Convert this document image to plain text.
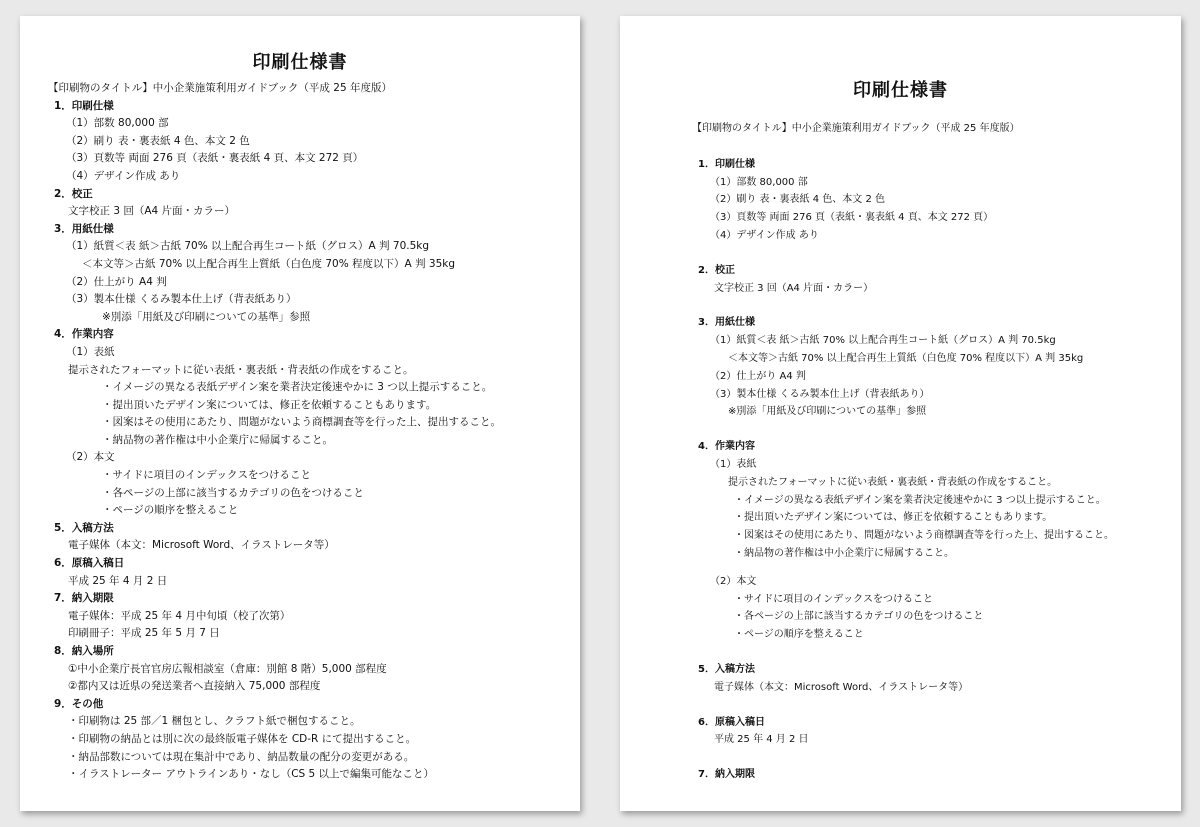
印刷仕様書
【印刷物のタイトル】中小企業施策利用ガイドブック（平成 25 年度版）
1．印刷仕様
（1）部数 80,000 部
（2）刷り 表・裏表紙 4 色、本文 2 色
（3）頁数等 両面 276 頁（表紙・裏表紙 4 頁、本文 272 頁）
（4）デザイン作成 あり
2．校正
文字校正 3 回（A4 片面・カラー）
3．用紙仕様
（1）紙質＜表 紙＞古紙 70% 以上配合再生コート紙（グロス）A 判 70.5kg
＜本文等＞古紙 70% 以上配合再生上質紙（白色度 70% 程度以下）A 判 35kg
（2）仕上がり A4 判
（3）製本仕様 くるみ製本仕上げ（背表紙あり）
※別添「用紙及び印刷についての基準」参照
4．作業内容
（1）表紙
提示されたフォーマットに従い表紙・裏表紙・背表紙の作成をすること。
・イメージの異なる表紙デザイン案を業者決定後速やかに 3 つ以上提示すること。
・提出頂いたデザイン案については、修正を依頼することもあります。
・図案はその使用にあたり、問題がないよう商標調査等を行った上、提出すること。
・納品物の著作権は中小企業庁に帰属すること。
（2）本文
・サイドに項目のインデックスをつけること
・各ページの上部に該当するカテゴリの色をつけること
・ページの順序を整えること
5．入稿方法
電子媒体（本文：Microsoft Word、イラストレータ等）
6．原稿入稿日
平成 25 年 4 月 2 日
7．納入期限
電子媒体：平成 25 年 4 月中旬頃（校了次第）
印刷冊子：平成 25 年 5 月 7 日
8．納入場所
①中小企業庁長官官房広報相談室（倉庫：別館 8 階）5,000 部程度
②都内又は近県の発送業者へ直接納入 75,000 部程度
9．その他
・印刷物は 25 部／1 梱包とし、クラフト紙で梱包すること。
・印刷物の納品とは別に次の最終版電子媒体を CD-R にて提出すること。
・納品部数については現在集計中であり、納品数量の配分の変更がある。
・イラストレーター アウトラインあり・なし（CS 5 以上で編集可能なこと）
印刷仕様書
【印刷物のタイトル】中小企業施策利用ガイドブック（平成 25 年度版）
1．印刷仕様
（1）部数 80,000 部
（2）刷り 表・裏表紙 4 色、本文 2 色
（3）頁数等 両面 276 頁（表紙・裏表紙 4 頁、本文 272 頁）
（4）デザイン作成 あり
2．校正
文字校正 3 回（A4 片面・カラー）
3．用紙仕様
（1）紙質＜表 紙＞古紙 70% 以上配合再生コート紙（グロス）A 判 70.5kg
＜本文等＞古紙 70% 以上配合再生上質紙（白色度 70% 程度以下）A 判 35kg
（2）仕上がり A4 判
（3）製本仕様 くるみ製本仕上げ（背表紙あり）
※別添「用紙及び印刷についての基準」参照
4．作業内容
（1）表紙
提示されたフォーマットに従い表紙・裏表紙・背表紙の作成をすること。
・イメージの異なる表紙デザイン案を業者決定後速やかに 3 つ以上提示すること。
・提出頂いたデザイン案については、修正を依頼することもあります。
・図案はその使用にあたり、問題がないよう商標調査等を行った上、提出すること。
・納品物の著作権は中小企業庁に帰属すること。
（2）本文
・サイドに項目のインデックスをつけること
・各ページの上部に該当するカテゴリの色をつけること
・ページの順序を整えること
5．入稿方法
電子媒体（本文：Microsoft Word、イラストレータ等）
6．原稿入稿日
平成 25 年 4 月 2 日
7．納入期限
